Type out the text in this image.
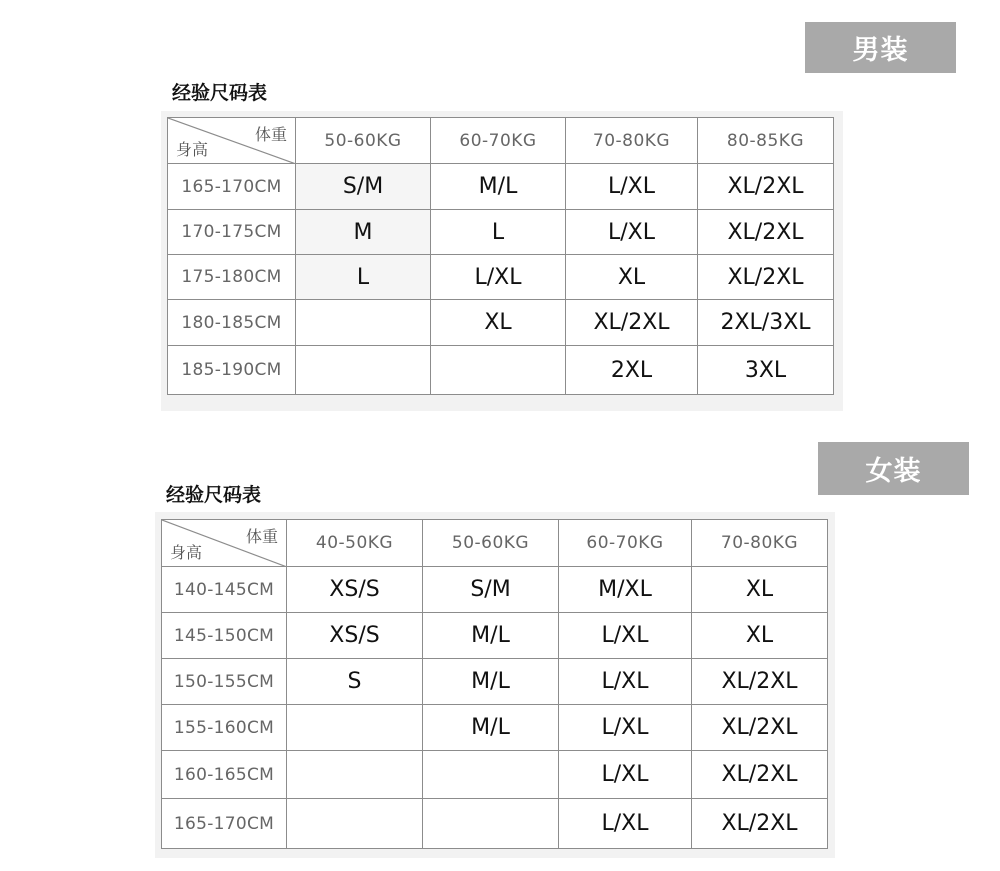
男装
经验尺码表
体重
身高	50-60KG	60-70KG	70-80KG	80-85KG
165-170CM	S/M	M/L	L/XL	XL/2XL
170-175CM	M	L	L/XL	XL/2XL
175-180CM	L	L/XL	XL	XL/2XL
180-185CM		XL	XL/2XL	2XL/3XL
185-190CM			2XL	3XL
女装
经验尺码表
体重
身高	40-50KG	50-60KG	60-70KG	70-80KG
140-145CM	XS/S	S/M	M/XL	XL
145-150CM	XS/S	M/L	L/XL	XL
150-155CM	S	M/L	L/XL	XL/2XL
155-160CM		M/L	L/XL	XL/2XL
160-165CM			L/XL	XL/2XL
165-170CM			L/XL	XL/2XL
